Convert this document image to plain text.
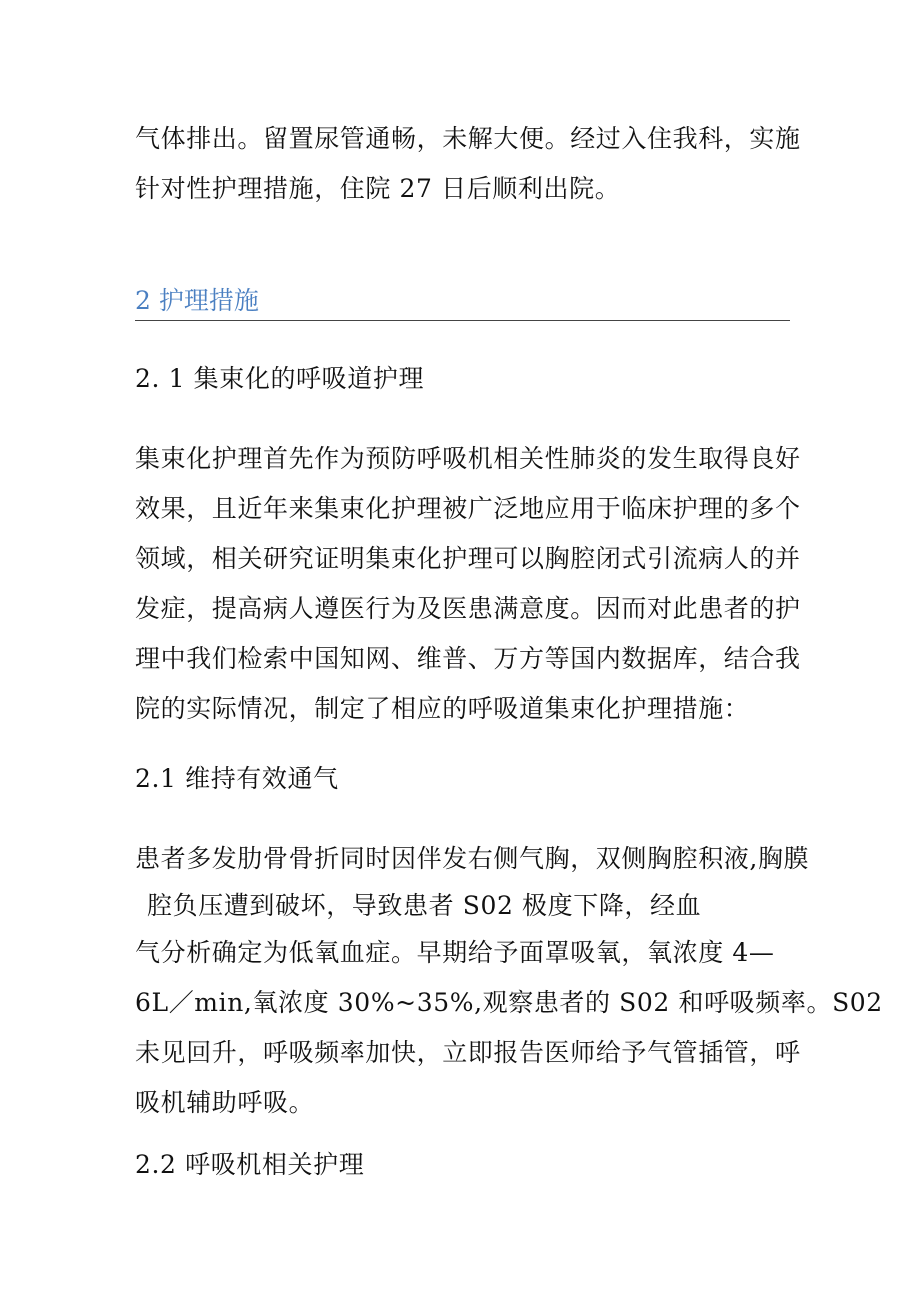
气体排出。留置尿管通畅，未解大便。经过入住我科，实施
针对性护理措施，住院 27 日后顺利出院。
2 护理措施
2. 1 集束化的呼吸道护理
集束化护理首先作为预防呼吸机相关性肺炎的发生取得良好
效果，且近年来集束化护理被广泛地应用于临床护理的多个
领域，相关研究证明集束化护理可以胸腔闭式引流病人的并
发症，提高病人遵医行为及医患满意度。因而对此患者的护
理中我们检索中国知网、维普、万方等国内数据库，结合我
院的实际情况，制定了相应的呼吸道集束化护理措施：
2.1 维持有效通气
患者多发肋骨骨折同时因伴发右侧气胸，双侧胸腔积液,胸膜
腔负压遭到破坏，导致患者 S02 极度下降，经血
气分析确定为低氧血症。早期给予面罩吸氧，氧浓度 4—
6L／min,氧浓度 30%~35%,观察患者的 S02 和呼吸频率。S02
未见回升，呼吸频率加快，立即报告医师给予气管插管，呼
吸机辅助呼吸。
2.2 呼吸机相关护理
